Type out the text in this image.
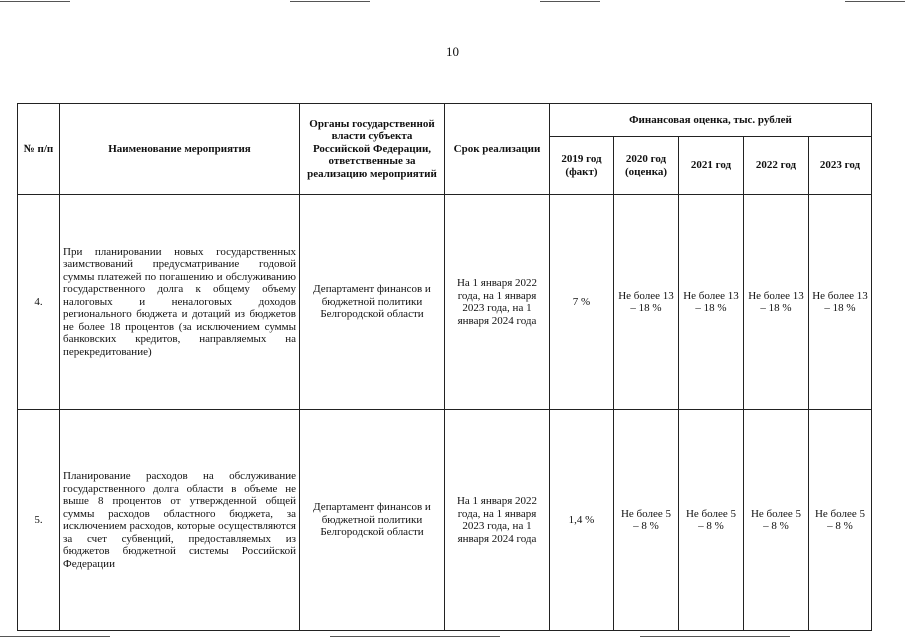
10
№ п/п	Наименование мероприятия	Органы государственной власти субъекта Российской Федерации, ответственные за реализацию мероприятий	Срок реализации	Финансовая оценка, тыс. рублей				
				2019 год (факт)	2020 год (оценка)	2021 год	2022 год	2023 год
4.	При планировании новых государственных заимствований предусматривание годовой суммы платежей по погашению и обслуживанию государственного долга к общему объему налоговых и неналоговых доходов регионального бюджета и дотаций из бюджетов не более 18 процентов (за исключением суммы банковских кредитов, направляемых на перекредитование)	Департамент финансов и бюджетной политики Белгородской области	На 1 января 2022 года, на 1 января 2023 года, на 1 января 2024 года	7 %	Не более 13 – 18 %	Не более 13 – 18 %	Не более 13 – 18 %	Не более 13 – 18 %
5.	Планирование расходов на обслуживание государственного долга области в объеме не выше 8 процентов от утвержденной общей суммы расходов областного бюджета, за исключением расходов, которые осуществляются за счет субвенций, предоставляемых из бюджетов бюджетной системы Российской Федерации	Департамент финансов и бюджетной политики Белгородской области	На 1 января 2022 года, на 1 января 2023 года, на 1 января 2024 года	1,4 %	Не более 5 – 8 %	Не более 5 – 8 %	Не более 5 – 8 %	Не более 5 – 8 %
